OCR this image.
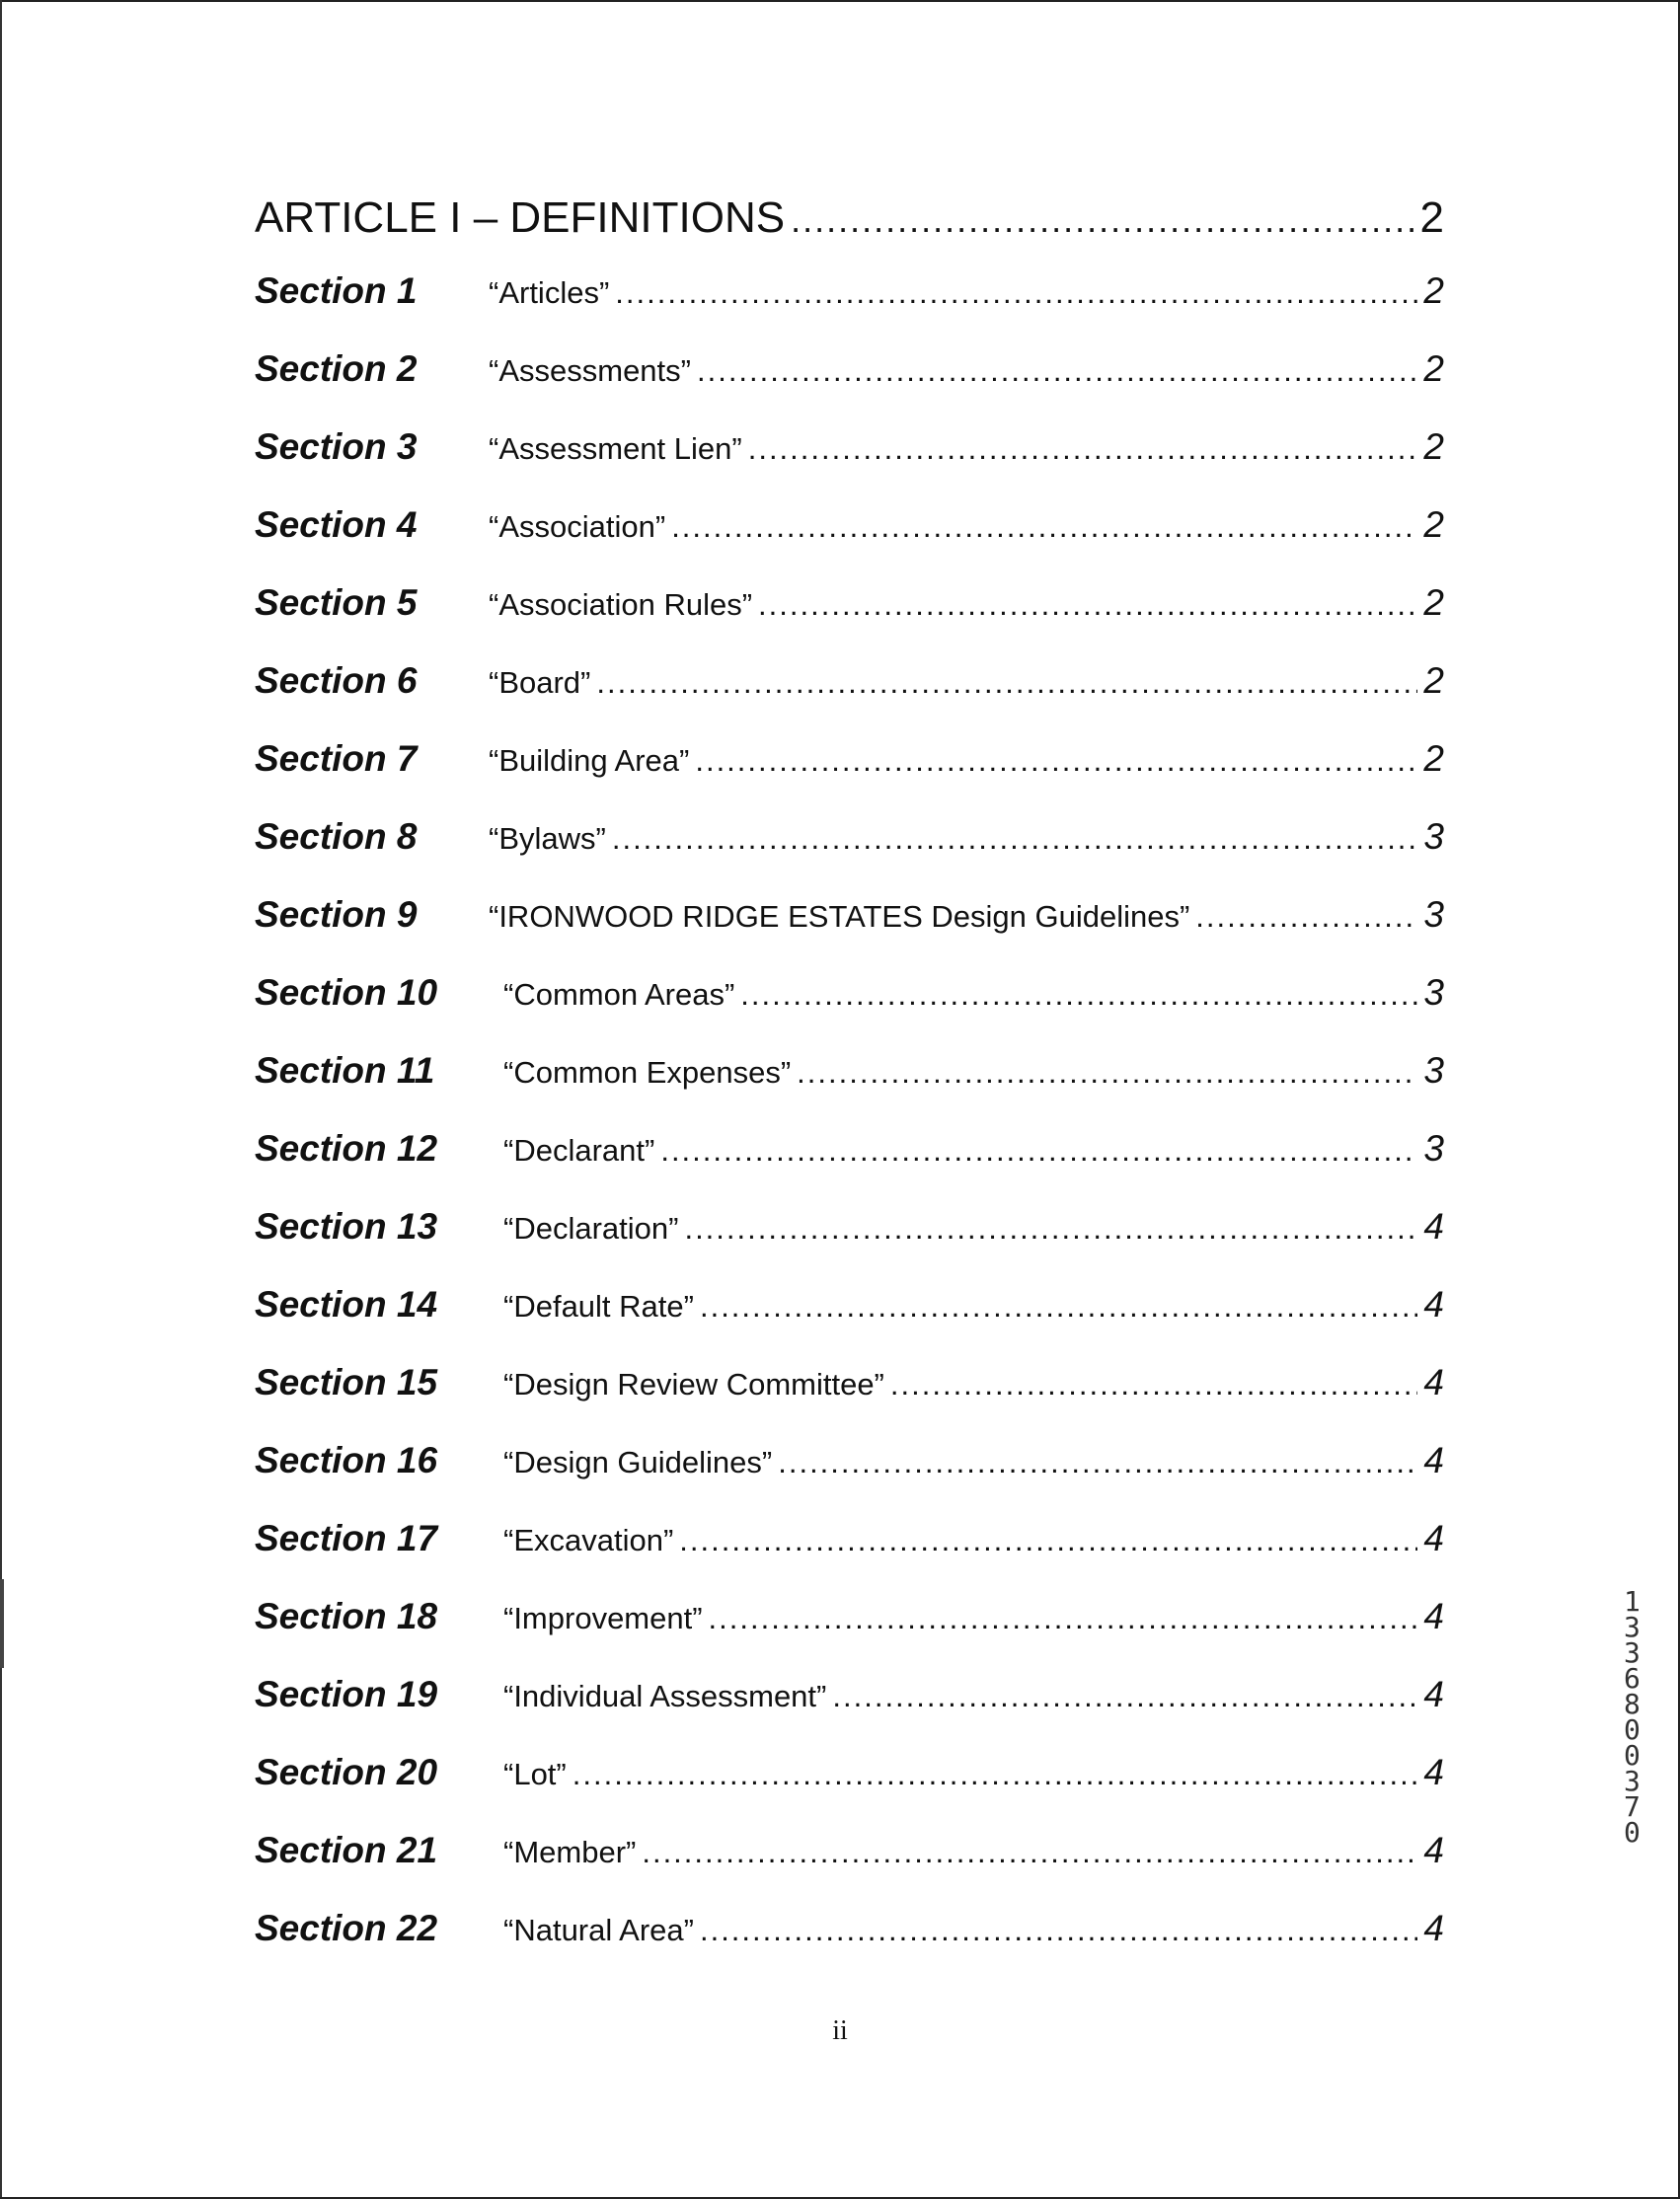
ARTICLE I – DEFINITIONS .....	2
Section 1	“Articles” .....	2
Section 2	“Assessments” .....	2
Section 3	“Assessment Lien” .....	2
Section 4	“Association” .....	2
Section 5	“Association Rules” .....	2
Section 6	“Board” .....	2
Section 7	“Building Area” .....	2
Section 8	“Bylaws” .....	3
Section 9	“IRONWOOD RIDGE ESTATES Design Guidelines” .....	3
Section 10	“Common Areas” .....	3
Section 11	“Common Expenses” .....	3
Section 12	“Declarant” .....	3
Section 13	“Declaration” .....	4
Section 14	“Default Rate” .....	4
Section 15	“Design Review Committee” .....	4
Section 16	“Design Guidelines” .....	4
Section 17	“Excavation” .....	4
Section 18	“Improvement” .....	4
Section 19	“Individual Assessment” .....	4
Section 20	“Lot” .....	4
Section 21	“Member” .....	4
Section 22	“Natural Area” .....	4
ii
1336800370
